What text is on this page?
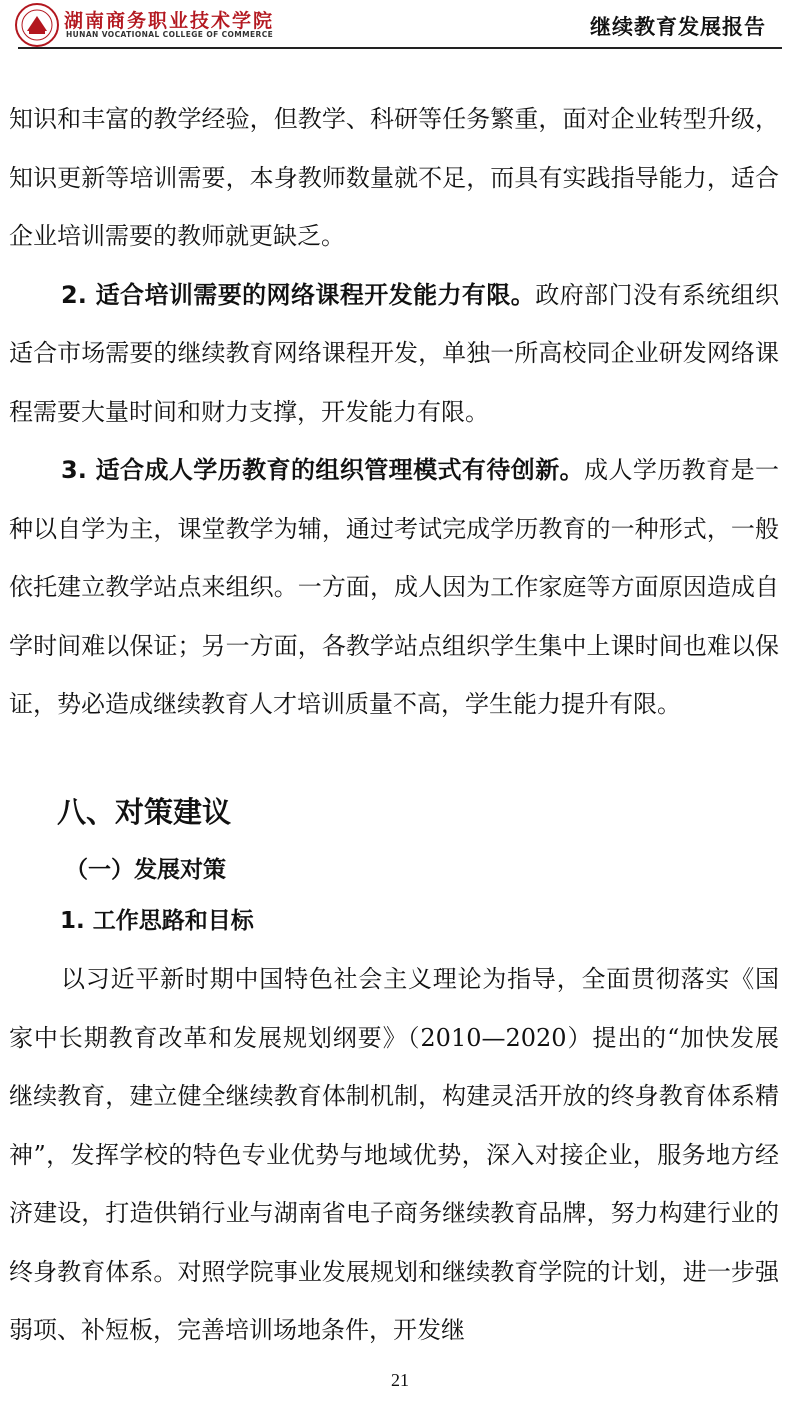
湖南商务职业技术学院
HUNAN VOCATIONAL COLLEGE OF COMMERCE	继续教育发展报告

知识和丰富的教学经验，但教学、科研等任务繁重，面对企业转型升级，知识更新等培训需要，本身教师数量就不足，而具有实践指导能力，适合企业培训需要的教师就更缺乏。

2. 适合培训需要的网络课程开发能力有限。政府部门没有系统组织适合市场需要的继续教育网络课程开发，单独一所高校同企业研发网络课程需要大量时间和财力支撑，开发能力有限。

3. 适合成人学历教育的组织管理模式有待创新。成人学历教育是一种以自学为主，课堂教学为辅，通过考试完成学历教育的一种形式，一般依托建立教学站点来组织。一方面，成人因为工作家庭等方面原因造成自学时间难以保证；另一方面，各教学站点组织学生集中上课时间也难以保证，势必造成继续教育人才培训质量不高，学生能力提升有限。

八、对策建议
（一）发展对策
1. 工作思路和目标

以习近平新时期中国特色社会主义理论为指导，全面贯彻落实《国家中长期教育改革和发展规划纲要》（2010—2020）提出的“加快发展继续教育，建立健全继续教育体制机制，构建灵活开放的终身教育体系精神”，发挥学校的特色专业优势与地域优势，深入对接企业，服务地方经济建设，打造供销行业与湖南省电子商务继续教育品牌，努力构建行业的终身教育体系。对照学院事业发展规划和继续教育学院的计划，进一步强弱项、补短板，完善培训场地条件，开发继

21
